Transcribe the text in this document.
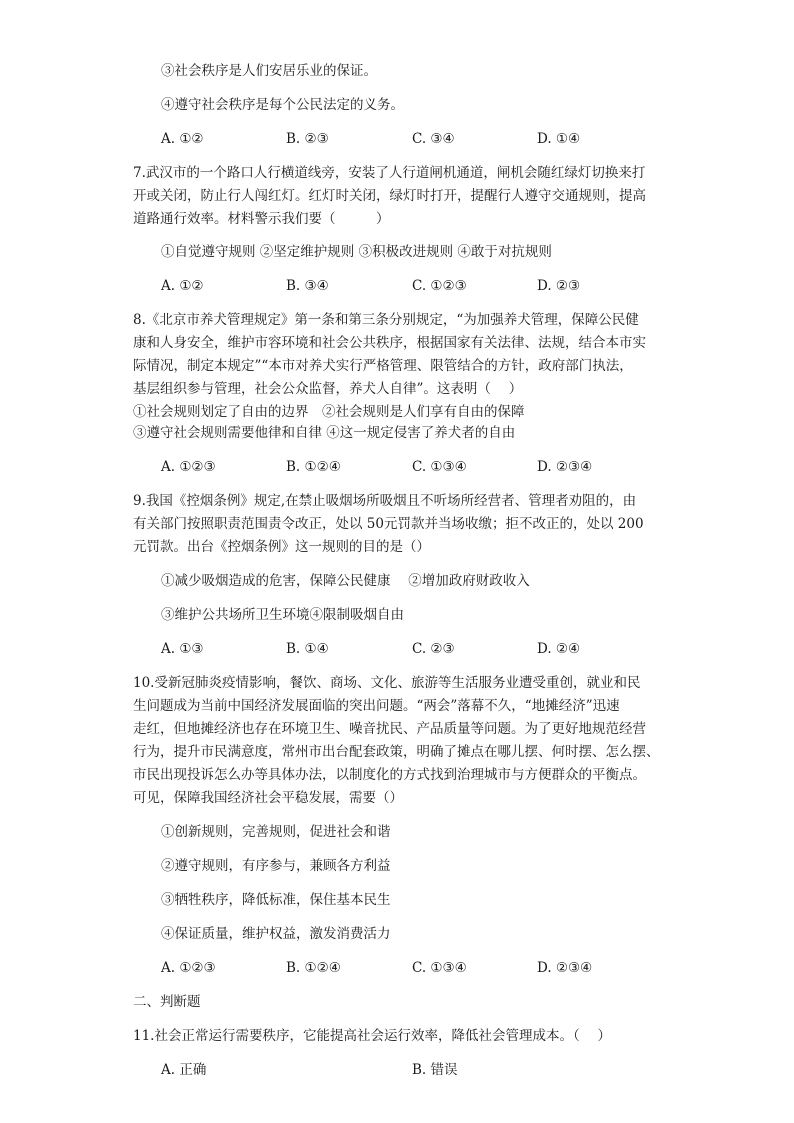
③社会秩序是人们安居乐业的保证。
④遵守社会秩序是每个公民法定的义务。
A. ①②	B. ②③	C. ③④	D. ①④
7.武汉市的一个路口人行横道线旁，安装了人行道闸机通道，闸机会随红绿灯切换来打
开或关闭，防止行人闯红灯。红灯时关闭，绿灯时打开，提醒行人遵守交通规则，提高
道路通行效率。材料警示我们要（　　　）
①自觉遵守规则 ②坚定维护规则 ③积极改进规则 ④敢于对抗规则
A. ①②	B. ③④	C. ①②③	D. ②③
8.《北京市养犬管理规定》第一条和第三条分别规定，“为加强养犬管理，保障公民健
康和人身安全，维护市容环境和社会公共秩序，根据国家有关法律、法规，结合本市实
际情况，制定本规定”“本市对养犬实行严格管理、限管结合的方针，政府部门执法，
基层组织参与管理，社会公众监督，养犬人自律”。这表明（　 ）
①社会规则划定了自由的边界　②社会规则是人们享有自由的保障
③遵守社会规则需要他律和自律 ④这一规定侵害了养犬者的自由
A. ①②③	B. ①②④	C. ①③④	D. ②③④
9.我国《控烟条例》规定,在禁止吸烟场所吸烟且不听场所经营者、管理者劝阻的，由
有关部门按照职责范围责令改正，处以 50元罚款并当场收缴；拒不改正的，处以 200
元罚款。出台《控烟条例》这一规则的目的是（）
①减少吸烟造成的危害，保障公民健康　 ②增加政府财政收入
③维护公共场所卫生环境④限制吸烟自由
A. ①③	B. ①④	C. ②③	D. ②④
10.受新冠肺炎疫情影响，餐饮、商场、文化、旅游等生活服务业遭受重创，就业和民
生问题成为当前中国经济发展面临的突出问题。“两会”落幕不久，“地摊经济”迅速
走红，但地摊经济也存在环境卫生、噪音扰民、产品质量等问题。为了更好地规范经营
行为，提升市民满意度，常州市出台配套政策，明确了摊点在哪儿摆、何时摆、怎么摆、
市民出现投诉怎么办等具体办法，以制度化的方式找到治理城市与方便群众的平衡点。
可见，保障我国经济社会平稳发展，需要（）
①创新规则，完善规则，促进社会和谐
②遵守规则，有序参与，兼顾各方利益
③牺牲秩序，降低标准，保住基本民生
④保证质量，维护权益，激发消费活力
A. ①②③	B. ①②④	C. ①③④	D. ②③④
二、判断题
11.社会正常运行需要秩序，它能提高社会运行效率，降低社会管理成本。（　 ）
A. 正确	B. 错误
